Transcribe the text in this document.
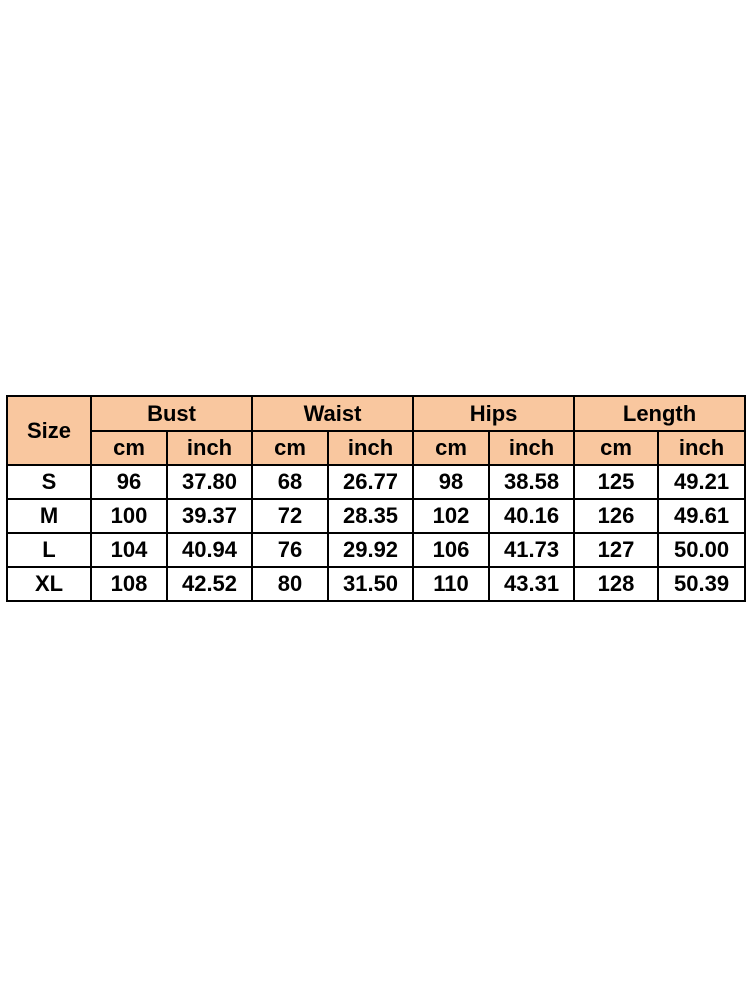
Size	Bust		Waist		Hips		Length	
	cm	inch	cm	inch	cm	inch	cm	inch
S	96	37.80	68	26.77	98	38.58	125	49.21
M	100	39.37	72	28.35	102	40.16	126	49.61
L	104	40.94	76	29.92	106	41.73	127	50.00
XL	108	42.52	80	31.50	110	43.31	128	50.39
